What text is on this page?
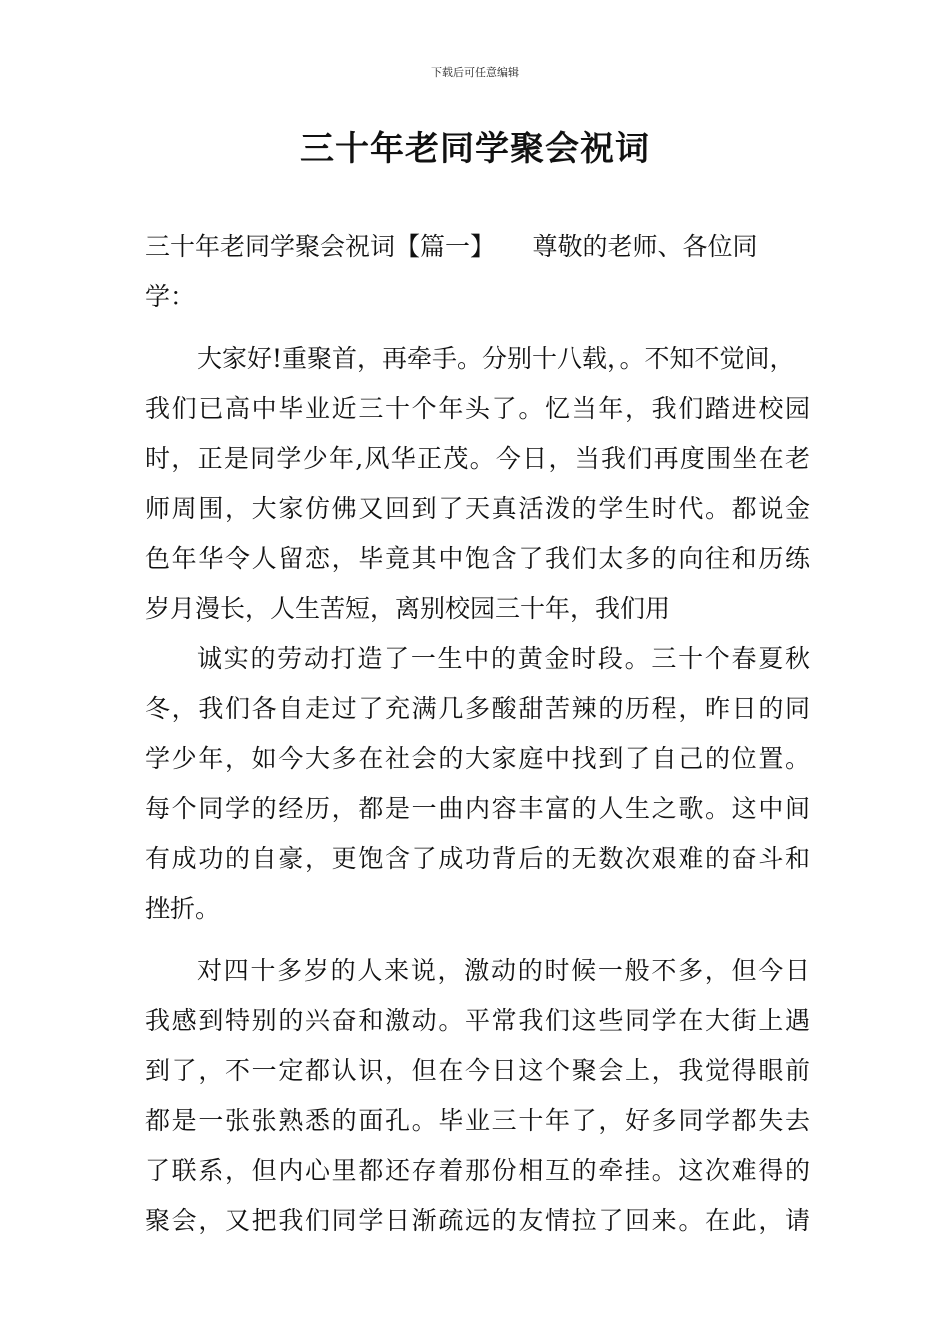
下载后可任意编辑
三十年老同学聚会祝词
三十年老同学聚会祝词【篇一】　　尊敬的老师、各位同
学：
大家好!重聚首，再牵手。分别十八载，。不知不觉间，
我们已高中毕业近三十个年头了。忆当年，我们踏进校园
时，正是同学少年,风华正茂。今日，当我们再度围坐在老
师周围，大家仿佛又回到了天真活泼的学生时代。都说金
色年华令人留恋，毕竟其中饱含了我们太多的向往和历练
岁月漫长，人生苦短，离别校园三十年，我们用
诚实的劳动打造了一生中的黄金时段。三十个春夏秋
冬，我们各自走过了充满几多酸甜苦辣的历程，昨日的同
学少年，如今大多在社会的大家庭中找到了自己的位置。
每个同学的经历，都是一曲内容丰富的人生之歌。这中间
有成功的自豪，更饱含了成功背后的无数次艰难的奋斗和
挫折。
对四十多岁的人来说，激动的时候一般不多，但今日
我感到特别的兴奋和激动。平常我们这些同学在大街上遇
到了，不一定都认识，但在今日这个聚会上，我觉得眼前
都是一张张熟悉的面孔。毕业三十年了，好多同学都失去
了联系，但内心里都还存着那份相互的牵挂。这次难得的
聚会，又把我们同学日渐疏远的友情拉了回来。在此，请
